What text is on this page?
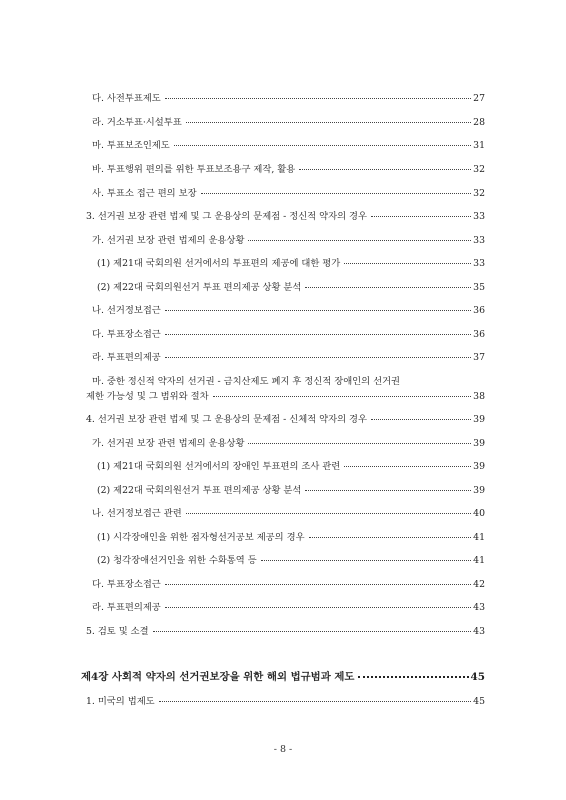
다. 사전투표제도	27
라. 거소투표·시설투표	28
마. 투표보조인제도	31
바. 투표행위 편의를 위한 투표보조용구 제작, 활용	32
사. 투표소 접근 편의 보장	32
3. 선거권 보장 관련 법제 및 그 운용상의 문제점 - 정신적 약자의 경우	33
가. 선거권 보장 관련 법제의 운용상황	33
(1) 제21대 국회의원 선거에서의 투표편의 제공에 대한 평가	33
(2) 제22대 국회의원선거 투표 편의제공 상황 분석	35
나. 선거정보접근	36
다. 투표장소접근	36
라. 투표편의제공	37
마. 중한 정신적 약자의 선거권 - 금치산제도 폐지 후 정신적 장애인의 선거권
제한 가능성 및 그 범위와 절차	38
4. 선거권 보장 관련 법제 및 그 운용상의 문제점 - 신체적 약자의 경우	39
가. 선거권 보장 관련 법제의 운용상황	39
(1) 제21대 국회의원 선거에서의 장애인 투표편의 조사 관련	39
(2) 제22대 국회의원선거 투표 편의제공 상황 분석	39
나. 선거정보접근 관련	40
(1) 시각장애인을 위한 점자형선거공보 제공의 경우	41
(2) 청각장애선거인을 위한 수화통역 등	41
다. 투표장소접근	42
라. 투표편의제공	43
5. 검토 및 소결	43
제4장 사회적 약자의 선거권보장을 위한 해외 법규범과 제도	45
1. 미국의 법제도	45
- 8 -
